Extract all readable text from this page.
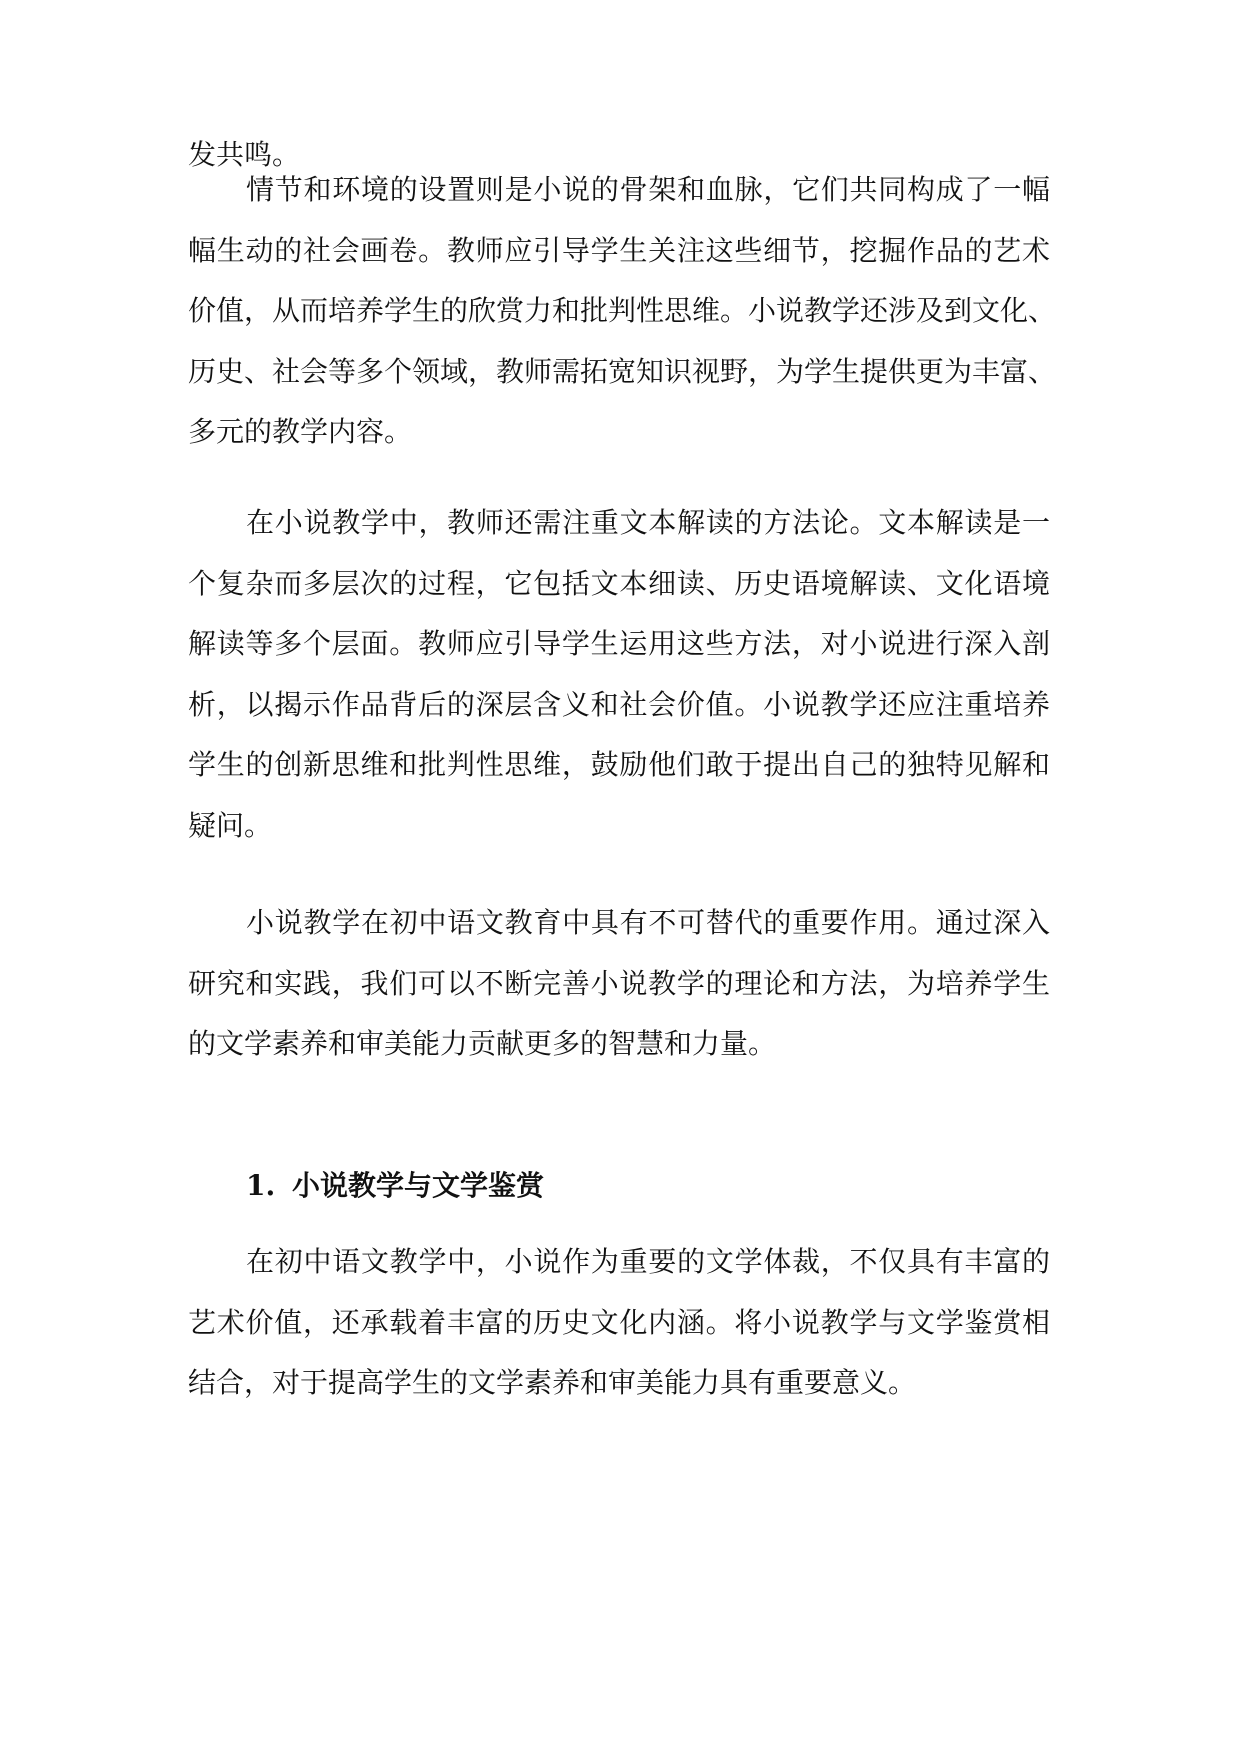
发共鸣。
情节和环境的设置则是小说的骨架和血脉，它们共同构成了一幅
幅生动的社会画卷。教师应引导学生关注这些细节，挖掘作品的艺术
价值，从而培养学生的欣赏力和批判性思维。小说教学还涉及到文化、
历史、社会等多个领域，教师需拓宽知识视野，为学生提供更为丰富、
多元的教学内容。
在小说教学中，教师还需注重文本解读的方法论。文本解读是一
个复杂而多层次的过程，它包括文本细读、历史语境解读、文化语境
解读等多个层面。教师应引导学生运用这些方法，对小说进行深入剖
析，以揭示作品背后的深层含义和社会价值。小说教学还应注重培养
学生的创新思维和批判性思维，鼓励他们敢于提出自己的独特见解和
疑问。
小说教学在初中语文教育中具有不可替代的重要作用。通过深入
研究和实践，我们可以不断完善小说教学的理论和方法，为培养学生
的文学素养和审美能力贡献更多的智慧和力量。
1. 小说教学与文学鉴赏
在初中语文教学中，小说作为重要的文学体裁，不仅具有丰富的
艺术价值，还承载着丰富的历史文化内涵。将小说教学与文学鉴赏相
结合，对于提高学生的文学素养和审美能力具有重要意义。
